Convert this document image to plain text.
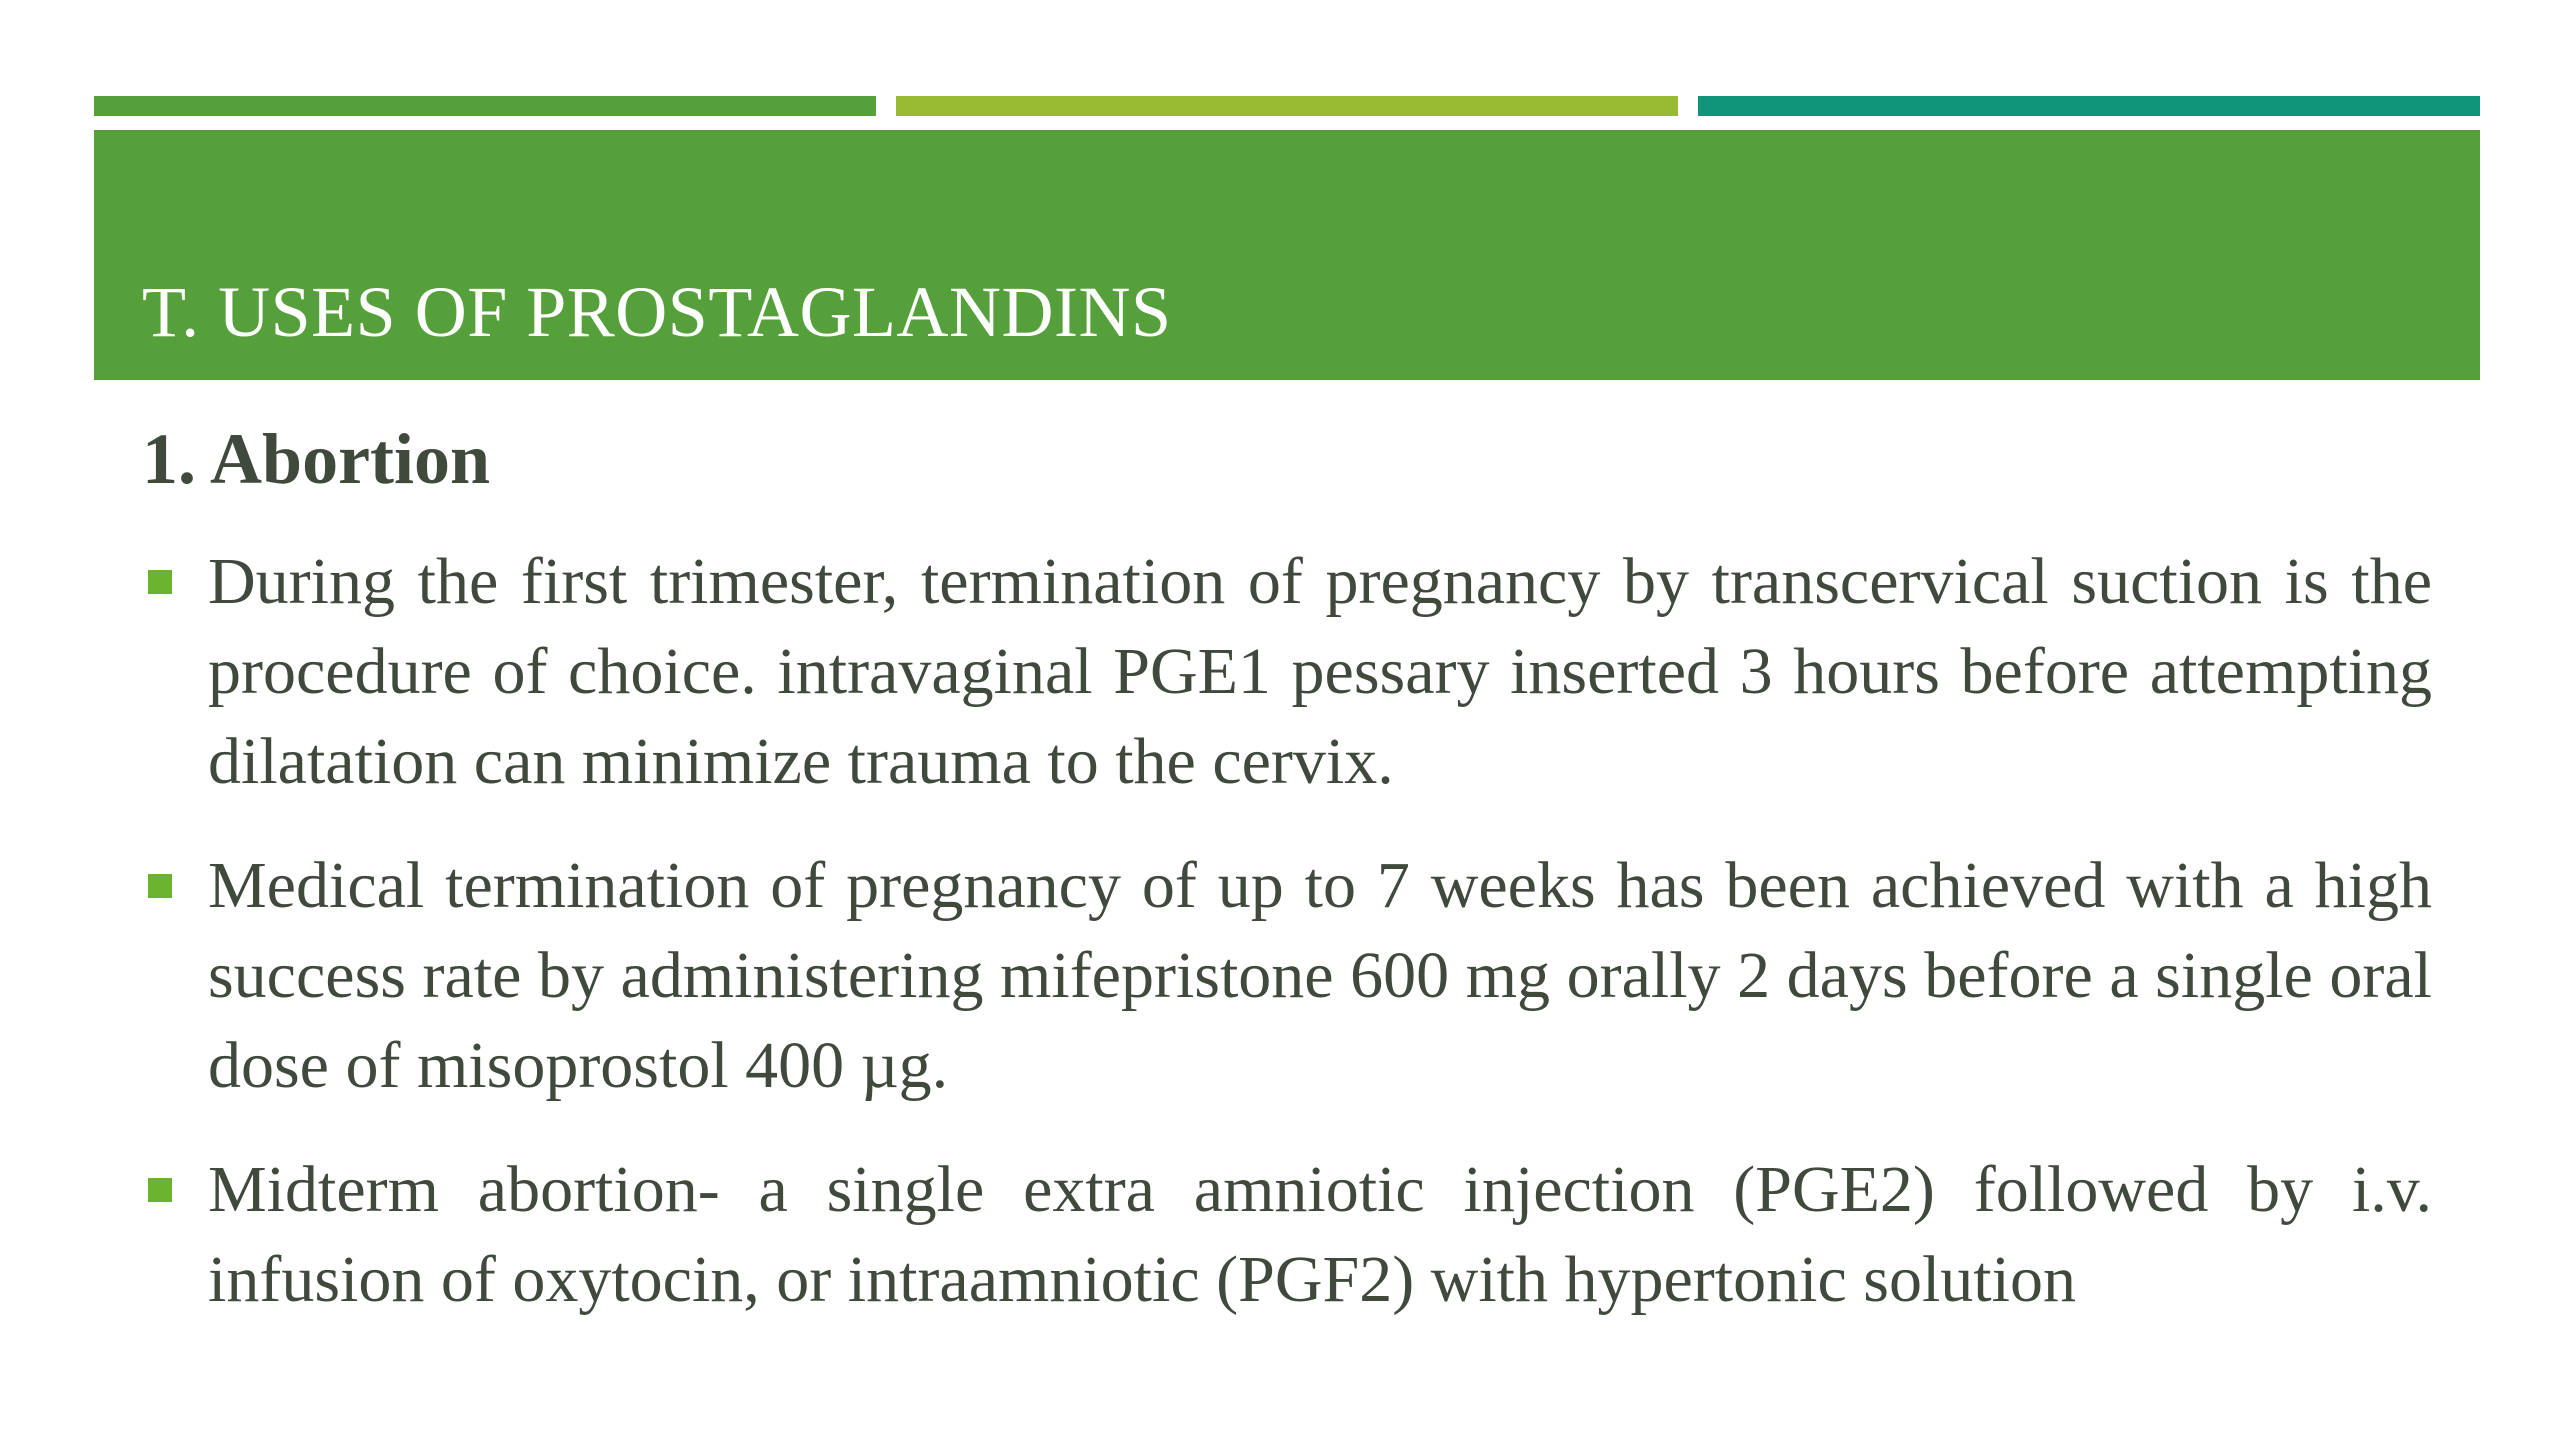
T. USES OF PROSTAGLANDINS
1. Abortion
During the first trimester, termination of pregnancy by transcervical suction is the procedure of choice. intravaginal PGE1 pessary inserted 3 hours before attempting dilatation can minimize trauma to the cervix.
Medical termination of pregnancy of up to 7 weeks has been achieved with a high success rate by administering mifepristone 600 mg orally 2 days before a single oral dose of misoprostol 400 µg.
Midterm abortion- a single extra amniotic injection (PGE2) followed by i.v. infusion of oxytocin, or intraamniotic (PGF2) with hypertonic solution
